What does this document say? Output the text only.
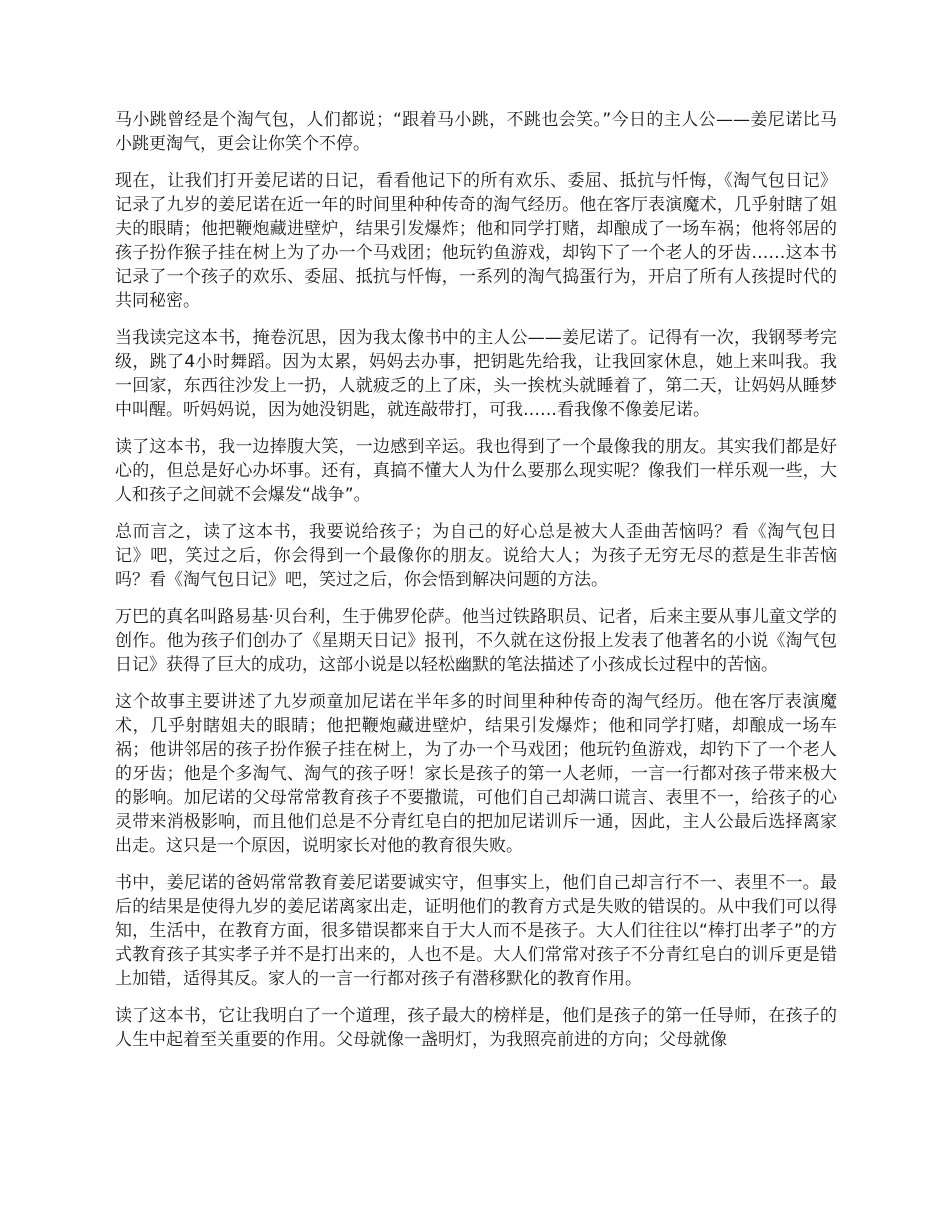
马小跳曾经是个淘气包，人们都说；“跟着马小跳，不跳也会笑。”今日的主人公——姜尼诺比马小跳更淘气，更会让你笑个不停。

现在，让我们打开姜尼诺的日记，看看他记下的所有欢乐、委屈、抵抗与忏悔，《淘气包日记》记录了九岁的姜尼诺在近一年的时间里种种传奇的淘气经历。他在客厅表演魔术，几乎射瞎了姐夫的眼睛；他把鞭炮藏进壁炉，结果引发爆炸；他和同学打赌，却酿成了一场车祸；他将邻居的孩子扮作猴子挂在树上为了办一个马戏团；他玩钓鱼游戏，却钩下了一个老人的牙齿……这本书记录了一个孩子的欢乐、委屈、抵抗与忏悔，一系列的淘气捣蛋行为，开启了所有人孩提时代的共同秘密。

当我读完这本书，掩卷沉思，因为我太像书中的主人公——姜尼诺了。记得有一次，我钢琴考完级，跳了4小时舞蹈。因为太累，妈妈去办事，把钥匙先给我，让我回家休息，她上来叫我。我一回家，东西往沙发上一扔，人就疲乏的上了床，头一挨枕头就睡着了，第二天，让妈妈从睡梦中叫醒。听妈妈说，因为她没钥匙，就连敲带打，可我……看我像不像姜尼诺。

读了这本书，我一边捧腹大笑，一边感到辛运。我也得到了一个最像我的朋友。其实我们都是好心的，但总是好心办坏事。还有，真搞不懂大人为什么要那么现实呢？像我们一样乐观一些，大人和孩子之间就不会爆发“战争”。

总而言之，读了这本书，我要说给孩子；为自己的好心总是被大人歪曲苦恼吗？看《淘气包日记》吧，笑过之后，你会得到一个最像你的朋友。说给大人；为孩子无穷无尽的惹是生非苦恼吗？看《淘气包日记》吧，笑过之后，你会悟到解决问题的方法。

万巴的真名叫路易基·贝台利，生于佛罗伦萨。他当过铁路职员、记者，后来主要从事儿童文学的创作。他为孩子们创办了《星期天日记》报刊，不久就在这份报上发表了他著名的小说《淘气包日记》获得了巨大的成功，这部小说是以轻松幽默的笔法描述了小孩成长过程中的苦恼。

这个故事主要讲述了九岁顽童加尼诺在半年多的时间里种种传奇的淘气经历。他在客厅表演魔术，几乎射瞎姐夫的眼睛；他把鞭炮藏进壁炉，结果引发爆炸；他和同学打赌，却酿成一场车祸；他讲邻居的孩子扮作猴子挂在树上，为了办一个马戏团；他玩钓鱼游戏，却钓下了一个老人的牙齿；他是个多淘气、淘气的孩子呀！家长是孩子的第一人老师，一言一行都对孩子带来极大的影响。加尼诺的父母常常教育孩子不要撒谎，可他们自己却满口谎言、表里不一，给孩子的心灵带来消极影响，而且他们总是不分青红皂白的把加尼诺训斥一通，因此，主人公最后选择离家出走。这只是一个原因，说明家长对他的教育很失败。

书中，姜尼诺的爸妈常常教育姜尼诺要诚实守，但事实上，他们自己却言行不一、表里不一。最后的结果是使得九岁的姜尼诺离家出走，证明他们的教育方式是失败的错误的。从中我们可以得知，生活中，在教育方面，很多错误都来自于大人而不是孩子。大人们往往以“棒打出孝子”的方式教育孩子其实孝子并不是打出来的，人也不是。大人们常常对孩子不分青红皂白的训斥更是错上加错，适得其反。家人的一言一行都对孩子有潜移默化的教育作用。

读了这本书，它让我明白了一个道理，孩子最大的榜样是，他们是孩子的第一任导师，在孩子的人生中起着至关重要的作用。父母就像一盏明灯，为我照亮前进的方向；父母就像
